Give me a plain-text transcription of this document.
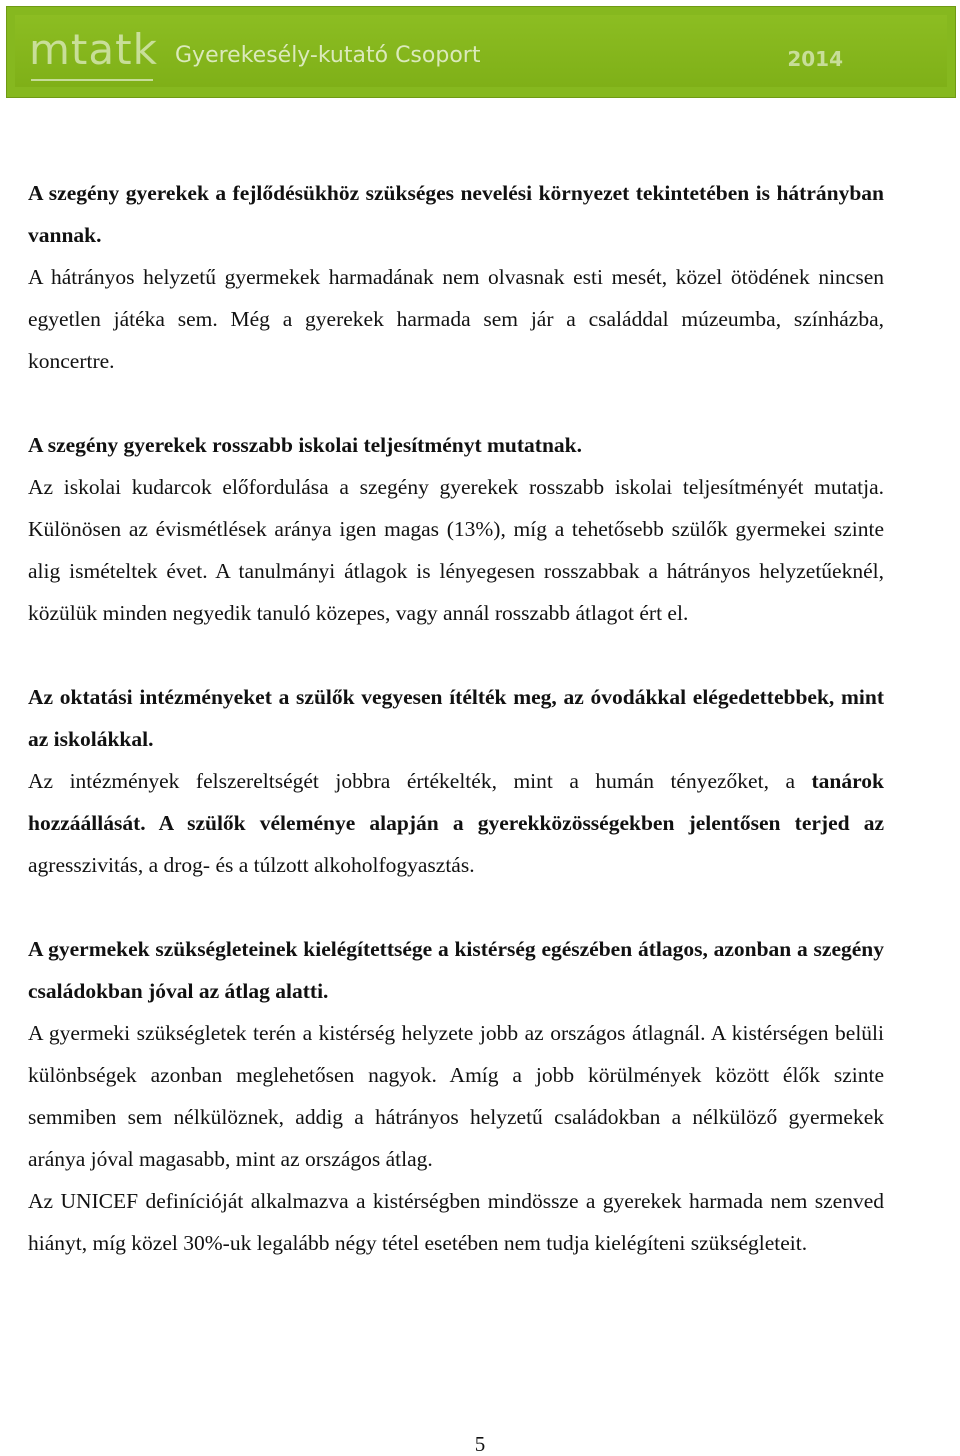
mtatk Gyerekesély-kutató Csoport	2014

A szegény gyerekek a fejlődésükhöz szükséges nevelési környezet tekintetében is hátrányban vannak.

A hátrányos helyzetű gyermekek harmadának nem olvasnak esti mesét, közel ötödének nincsen egyetlen játéka sem. Még a gyerekek harmada sem jár a családdal múzeumba, színházba, koncertre.

A szegény gyerekek rosszabb iskolai teljesítményt mutatnak.

Az iskolai kudarcok előfordulása a szegény gyerekek rosszabb iskolai teljesítményét mutatja. Különösen az évismétlések aránya igen magas (13%), míg a tehetősebb szülők gyermekei szinte alig ismételtek évet. A tanulmányi átlagok is lényegesen rosszabbak a hátrányos helyzetűeknél, közülük minden negyedik tanuló közepes, vagy annál rosszabb átlagot ért el.

Az oktatási intézményeket a szülők vegyesen ítélték meg, az óvodákkal elégedettebbek, mint az iskolákkal.

Az intézmények felszereltségét jobbra értékelték, mint a humán tényezőket, a tanárok hozzáállását. A szülők véleménye alapján a gyerekközösségekben jelentősen terjed az agresszivitás, a drog- és a túlzott alkoholfogyasztás.

A gyermekek szükségleteinek kielégítettsége a kistérség egészében átlagos, azonban a szegény családokban jóval az átlag alatti.

A gyermeki szükségletek terén a kistérség helyzete jobb az országos átlagnál. A kistérségen belüli különbségek azonban meglehetősen nagyok. Amíg a jobb körülmények között élők szinte semmiben sem nélkülöznek, addig a hátrányos helyzetű családokban a nélkülöző gyermekek aránya jóval magasabb, mint az országos átlag.

Az UNICEF definícióját alkalmazva a kistérségben mindössze a gyerekek harmada nem szenved hiányt, míg közel 30%-uk legalább négy tétel esetében nem tudja kielégíteni szükségleteit.

5
